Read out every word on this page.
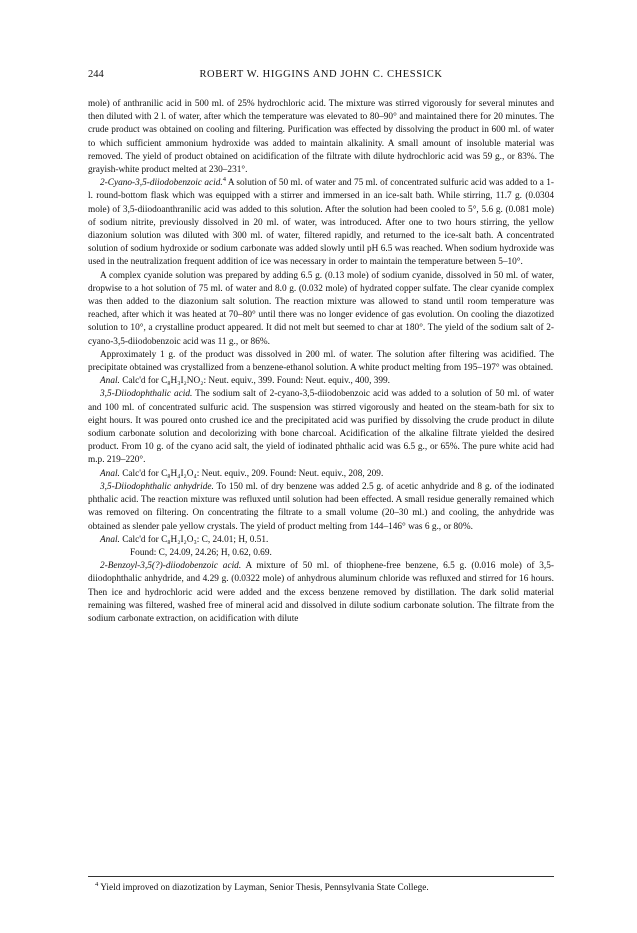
244	ROBERT W. HIGGINS AND JOHN C. CHESSICK

mole) of anthranilic acid in 500 ml. of 25% hydrochloric acid. The mixture was stirred vigorously for several minutes and then diluted with 2 l. of water, after which the temperature was elevated to 80–90° and maintained there for 20 minutes. The crude product was obtained on cooling and filtering. Purification was effected by dissolving the product in 600 ml. of water to which sufficient ammonium hydroxide was added to maintain alkalinity. A small amount of insoluble material was removed. The yield of product obtained on acidification of the filtrate with dilute hydrochloric acid was 59 g., or 83%. The grayish-white product melted at 230–231°.

2-Cyano-3,5-diiodobenzoic acid.$^4$ A solution of 50 ml. of water and 75 ml. of concentrated sulfuric acid was added to a 1-l. round-bottom flask which was equipped with a stirrer and immersed in an ice-salt bath. While stirring, 11.7 g. (0.0304 mole) of 3,5-diiodoanthranilic acid was added to this solution. After the solution had been cooled to 5°, 5.6 g. (0.081 mole) of sodium nitrite, previously dissolved in 20 ml. of water, was introduced. After one to two hours stirring, the yellow diazonium solution was diluted with 300 ml. of water, filtered rapidly, and returned to the ice-salt bath. A concentrated solution of sodium hydroxide or sodium carbonate was added slowly until pH 6.5 was reached. When sodium hydroxide was used in the neutralization frequent addition of ice was necessary in order to maintain the temperature between 5–10°.

A complex cyanide solution was prepared by adding 6.5 g. (0.13 mole) of sodium cyanide, dissolved in 50 ml. of water, dropwise to a hot solution of 75 ml. of water and 8.0 g. (0.032 mole) of hydrated copper sulfate. The clear cyanide complex was then added to the diazonium salt solution. The reaction mixture was allowed to stand until room temperature was reached, after which it was heated at 70–80° until there was no longer evidence of gas evolution. On cooling the diazotized solution to 10°, a crystalline product appeared. It did not melt but seemed to char at 180°. The yield of the sodium salt of 2-cyano-3,5-diiodobenzoic acid was 11 g., or 86%.

Approximately 1 g. of the product was dissolved in 200 ml. of water. The solution after filtering was acidified. The precipitate obtained was crystallized from a benzene-ethanol solution. A white product melting from 195–197° was obtained.

Anal. Calc'd for C₈H₃I₂NO₂: Neut. equiv., 399. Found: Neut. equiv., 400, 399.

3,5-Diiodophthalic acid. The sodium salt of 2-cyano-3,5-diiodobenzoic acid was added to a solution of 50 ml. of water and 100 ml. of concentrated sulfuric acid. The suspension was stirred vigorously and heated on the steam-bath for six to eight hours. It was poured onto crushed ice and the precipitated acid was purified by dissolving the crude product in dilute sodium carbonate solution and decolorizing with bone charcoal. Acidification of the alkaline filtrate yielded the desired product. From 10 g. of the cyano acid salt, the yield of iodinated phthalic acid was 6.5 g., or 65%. The pure white acid had m.p. 219–220°.

Anal. Calc'd for C₈H₄I₂O₄: Neut. equiv., 209. Found: Neut. equiv., 208, 209.

3,5-Diiodophthalic anhydride. To 150 ml. of dry benzene was added 2.5 g. of acetic anhydride and 8 g. of the iodinated phthalic acid. The reaction mixture was refluxed until solution had been effected. A small residue generally remained which was removed on filtering. On concentrating the filtrate to a small volume (20–30 ml.) and cooling, the anhydride was obtained as slender pale yellow crystals. The yield of product melting from 144–146° was 6 g., or 80%.

Anal. Calc'd for C₈H₂I₂O₃: C, 24.01; H, 0.51.

Found: C, 24.09, 24.26; H, 0.62, 0.69.

2-Benzoyl-3,5(?)-diiodobenzoic acid. A mixture of 50 ml. of thiophene-free benzene, 6.5 g. (0.016 mole) of 3,5-diiodophthalic anhydride, and 4.29 g. (0.0322 mole) of anhydrous aluminum chloride was refluxed and stirred for 16 hours. Then ice and hydrochloric acid were added and the excess benzene removed by distillation. The dark solid material remaining was filtered, washed free of mineral acid and dissolved in dilute sodium carbonate solution. The filtrate from the sodium carbonate extraction, on acidification with dilute

$^4$ Yield improved on diazotization by Layman, Senior Thesis, Pennsylvania State College.
